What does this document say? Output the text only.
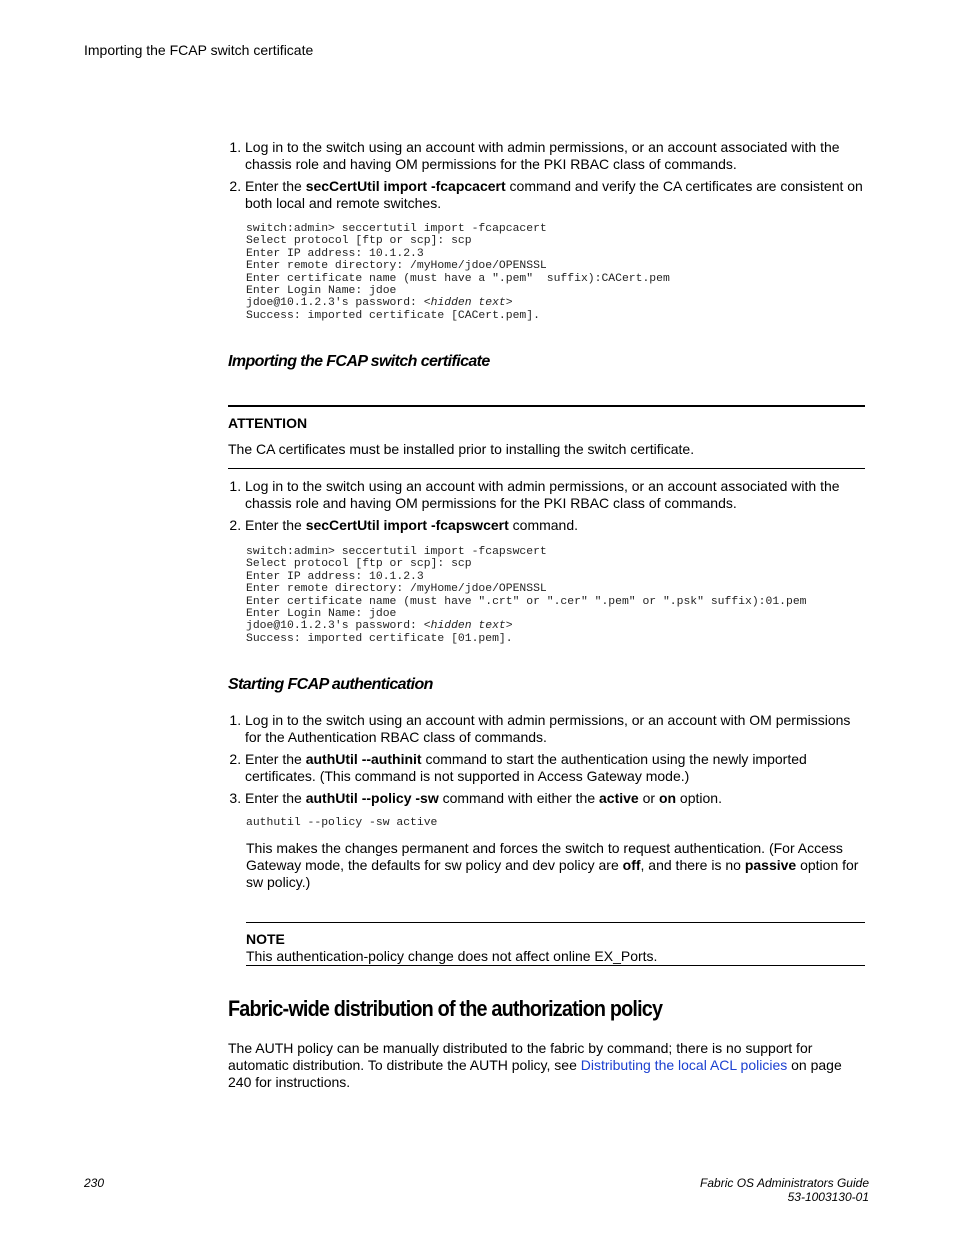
Importing the FCAP switch certificate
1. Log in to the switch using an account with admin permissions, or an account associated with the chassis role and having OM permissions for the PKI RBAC class of commands.
2. Enter the secCertUtil import -fcapcacert command and verify the CA certificates are consistent on both local and remote switches.
switch:admin> seccertutil import -fcapcacert
Select protocol [ftp or scp]: scp
Enter IP address: 10.1.2.3
Enter remote directory: /myHome/jdoe/OPENSSL
Enter certificate name (must have a ".pem"  suffix):CACert.pem
Enter Login Name: jdoe
jdoe@10.1.2.3's password: <hidden text>
Success: imported certificate [CACert.pem].
Importing the FCAP switch certificate
ATTENTION
The CA certificates must be installed prior to installing the switch certificate.
1. Log in to the switch using an account with admin permissions, or an account associated with the chassis role and having OM permissions for the PKI RBAC class of commands.
2. Enter the secCertUtil import -fcapswcert command.
switch:admin> seccertutil import -fcapswcert
Select protocol [ftp or scp]: scp
Enter IP address: 10.1.2.3
Enter remote directory: /myHome/jdoe/OPENSSL
Enter certificate name (must have ".crt" or ".cer" ".pem" or ".psk" suffix):01.pem
Enter Login Name: jdoe
jdoe@10.1.2.3's password: <hidden text>
Success: imported certificate [01.pem].
Starting FCAP authentication
1. Log in to the switch using an account with admin permissions, or an account with OM permissions for the Authentication RBAC class of commands.
2. Enter the authUtil --authinit command to start the authentication using the newly imported certificates. (This command is not supported in Access Gateway mode.)
3. Enter the authUtil --policy -sw command with either the active or on option.
authutil --policy -sw active
This makes the changes permanent and forces the switch to request authentication. (For Access Gateway mode, the defaults for sw policy and dev policy are off, and there is no passive option for sw policy.)
NOTE
This authentication-policy change does not affect online EX_Ports.
Fabric-wide distribution of the authorization policy
The AUTH policy can be manually distributed to the fabric by command; there is no support for automatic distribution. To distribute the AUTH policy, see Distributing the local ACL policies on page 240 for instructions.
230	Fabric OS Administrators Guide
53-1003130-01
